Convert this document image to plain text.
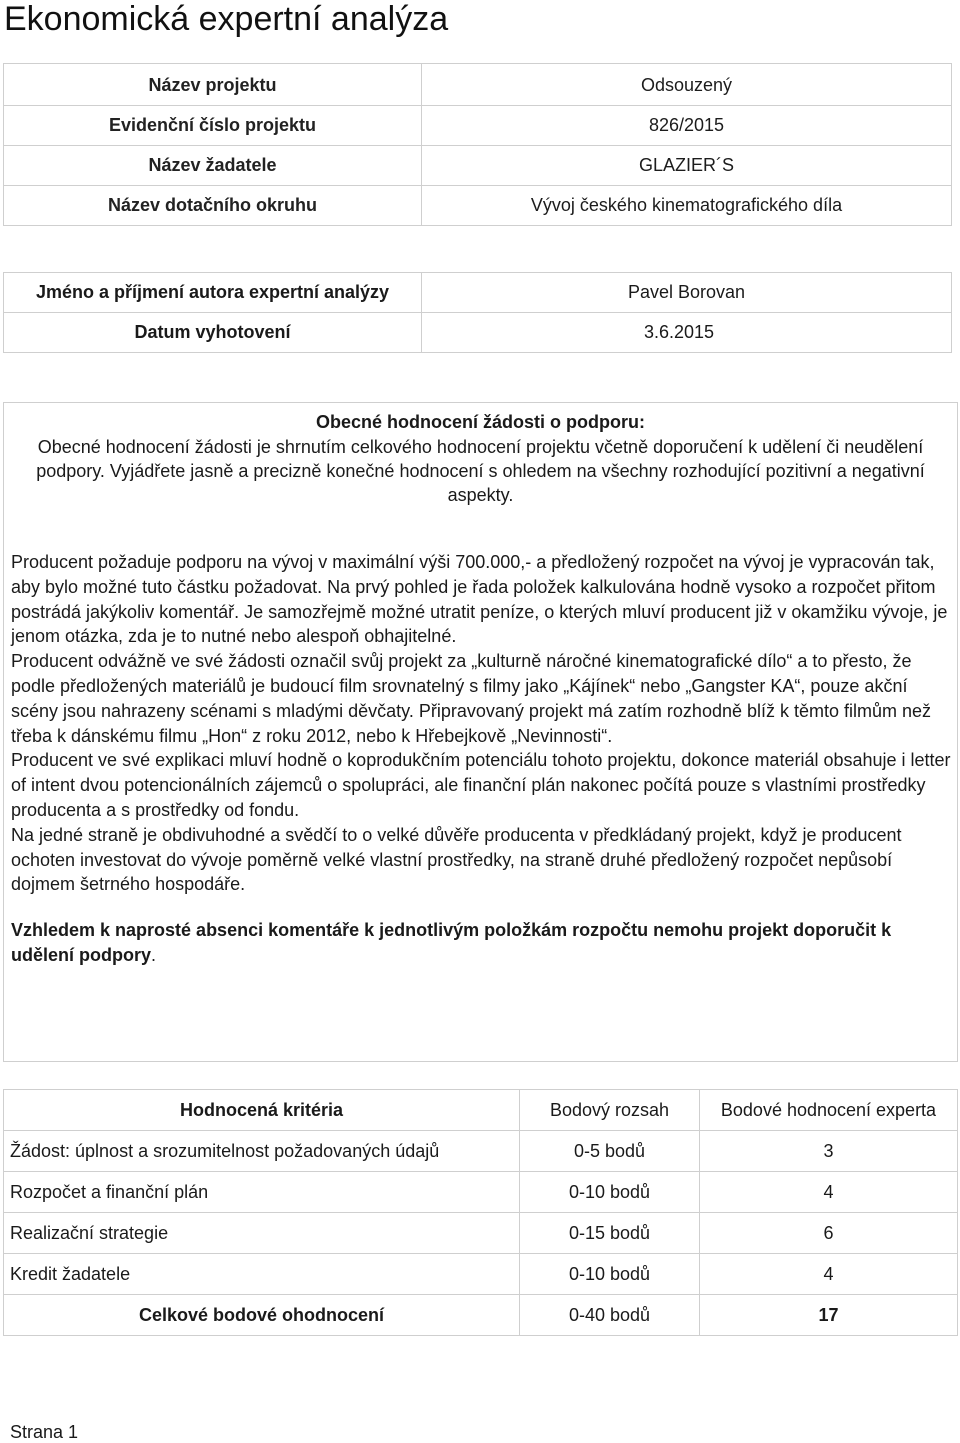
Ekonomická expertní analýza
Název projektu	Odsouzený
Evidenční číslo projektu	826/2015
Název žadatele	GLAZIER´S
Název dotačního okruhu	Vývoj českého kinematografického díla
Jméno a příjmení autora expertní analýzy	Pavel Borovan
Datum vyhotovení	3.6.2015
Obecné hodnocení žádosti o podporu:
Obecné hodnocení žádosti je shrnutím celkového hodnocení projektu včetně doporučení k udělení či neudělení podpory. Vyjádřete jasně a precizně konečné hodnocení s ohledem na všechny rozhodující pozitivní a negativní aspekty.

Producent požaduje podporu na vývoj v maximální výši 700.000,- a předložený rozpočet na vývoj je vypracován tak, aby bylo možné tuto částku požadovat. Na prvý pohled je řada položek kalkulována hodně vysoko a rozpočet přitom postrádá jakýkoliv komentář. Je samozřejmě možné utratit peníze, o kterých mluví producent již v okamžiku vývoje, je jenom otázka, zda je to nutné nebo alespoň obhajitelné.

Producent odvážně ve své žádosti označil svůj projekt za „kulturně náročné kinematografické dílo“ a to přesto, že podle předložených materiálů je budoucí film srovnatelný s filmy jako „Kájínek“ nebo „Gangster KA“, pouze akční scény jsou nahrazeny scénami s mladými děvčaty. Připravovaný projekt má zatím rozhodně blíž k těmto filmům než třeba k dánskému filmu „Hon“ z roku 2012, nebo k Hřebejkově „Nevinnosti“.

Producent ve své explikaci mluví hodně o koprodukčním potenciálu tohoto projektu, dokonce materiál obsahuje i letter of intent dvou potencionálních zájemců o spolupráci, ale finanční plán nakonec počítá pouze s vlastními prostředky producenta a s prostředky od fondu.

Na jedné straně je obdivuhodné a svědčí to o velké důvěře producenta v předkládaný projekt, když je producent ochoten investovat do vývoje poměrně velké vlastní prostředky, na straně druhé předložený rozpočet nepůsobí dojmem šetrného hospodáře.

Vzhledem k naprosté absenci komentáře k jednotlivým položkám rozpočtu nemohu projekt doporučit k udělení podpory.

Hodnocená kritéria	Bodový rozsah	Bodové hodnocení experta
Žádost: úplnost a srozumitelnost požadovaných údajů	0-5 bodů	3
Rozpočet a finanční plán	0-10 bodů	4
Realizační strategie	0-15 bodů	6
Kredit žadatele	0-10 bodů	4
Celkové bodové ohodnocení	0-40 bodů	17
Strana 1
